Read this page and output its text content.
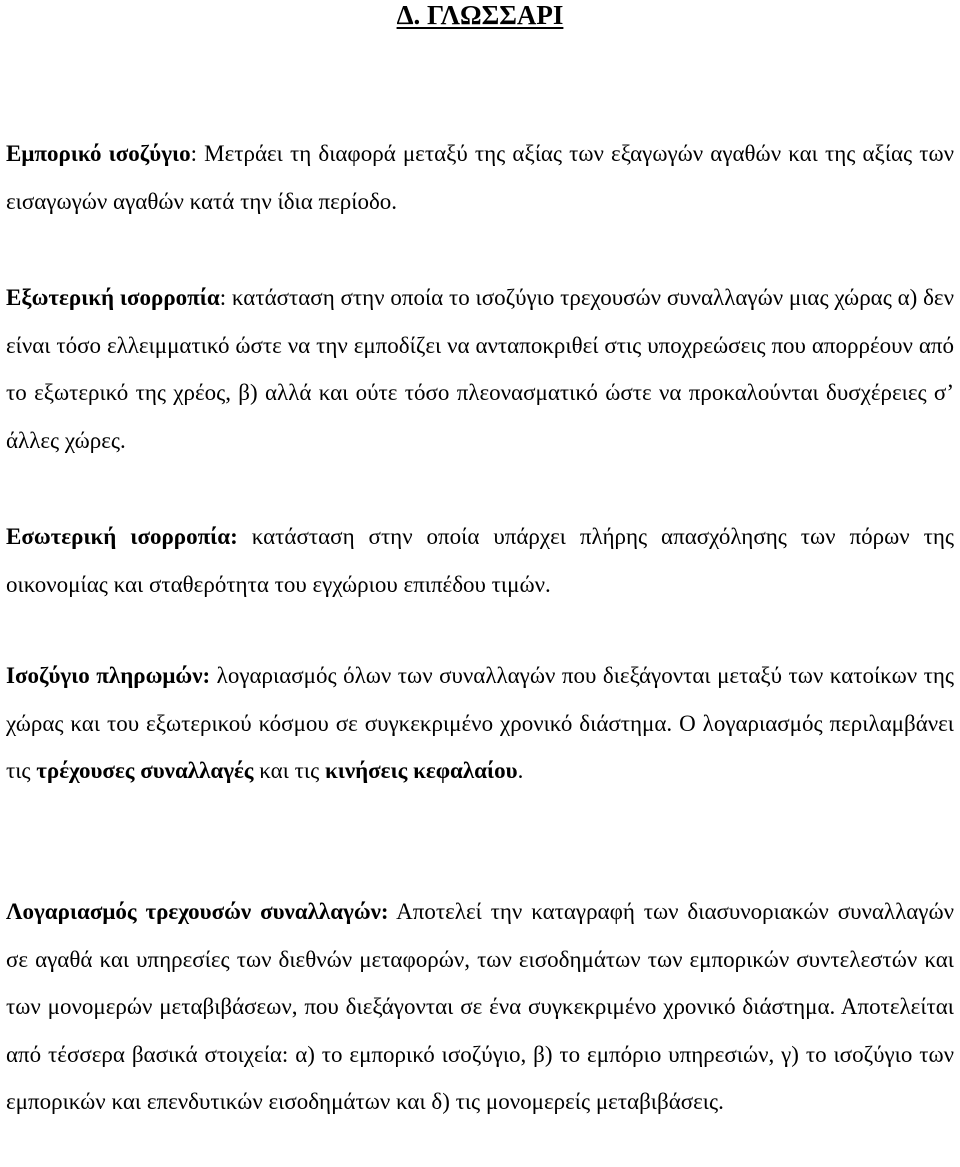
Δ. ΓΛΩΣΣΑΡΙ

Εμπορικό ισοζύγιο: Μετράει τη διαφορά μεταξύ της αξίας των εξαγωγών αγαθών και της αξίας των εισαγωγών αγαθών κατά την ίδια περίοδο.

Εξωτερική ισορροπία: κατάσταση στην οποία το ισοζύγιο τρεχουσών συναλλαγών μιας χώρας α) δεν είναι τόσο ελλειμματικό ώστε να την εμποδίζει να ανταποκριθεί στις υποχρεώσεις που απορρέουν από το εξωτερικό της χρέος, β) αλλά και ούτε τόσο πλεονασματικό ώστε να προκαλούνται δυσχέρειες σ’ άλλες χώρες.

Εσωτερική ισορροπία: κατάσταση στην οποία υπάρχει πλήρης απασχόλησης των πόρων της οικονομίας και σταθερότητα του εγχώριου επιπέδου τιμών.

Ισοζύγιο πληρωμών: λογαριασμός όλων των συναλλαγών που διεξάγονται μεταξύ των κατοίκων της χώρας και του εξωτερικού κόσμου σε συγκεκριμένο χρονικό διάστημα. Ο λογαριασμός περιλαμβάνει τις τρέχουσες συναλλαγές και τις κινήσεις κεφαλαίου.

Λογαριασμός τρεχουσών συναλλαγών: Αποτελεί την καταγραφή των διασυνοριακών συναλλαγών σε αγαθά και υπηρεσίες των διεθνών μεταφορών, των εισοδημάτων των εμπορικών συντελεστών και των μονομερών μεταβιβάσεων, που διεξάγονται σε ένα συγκεκριμένο χρονικό διάστημα. Αποτελείται από τέσσερα βασικά στοιχεία: α) το εμπορικό ισοζύγιο, β) το εμπόριο υπηρεσιών, γ) το ισοζύγιο των εμπορικών και επενδυτικών εισοδημάτων και δ) τις μονομερείς μεταβιβάσεις.
